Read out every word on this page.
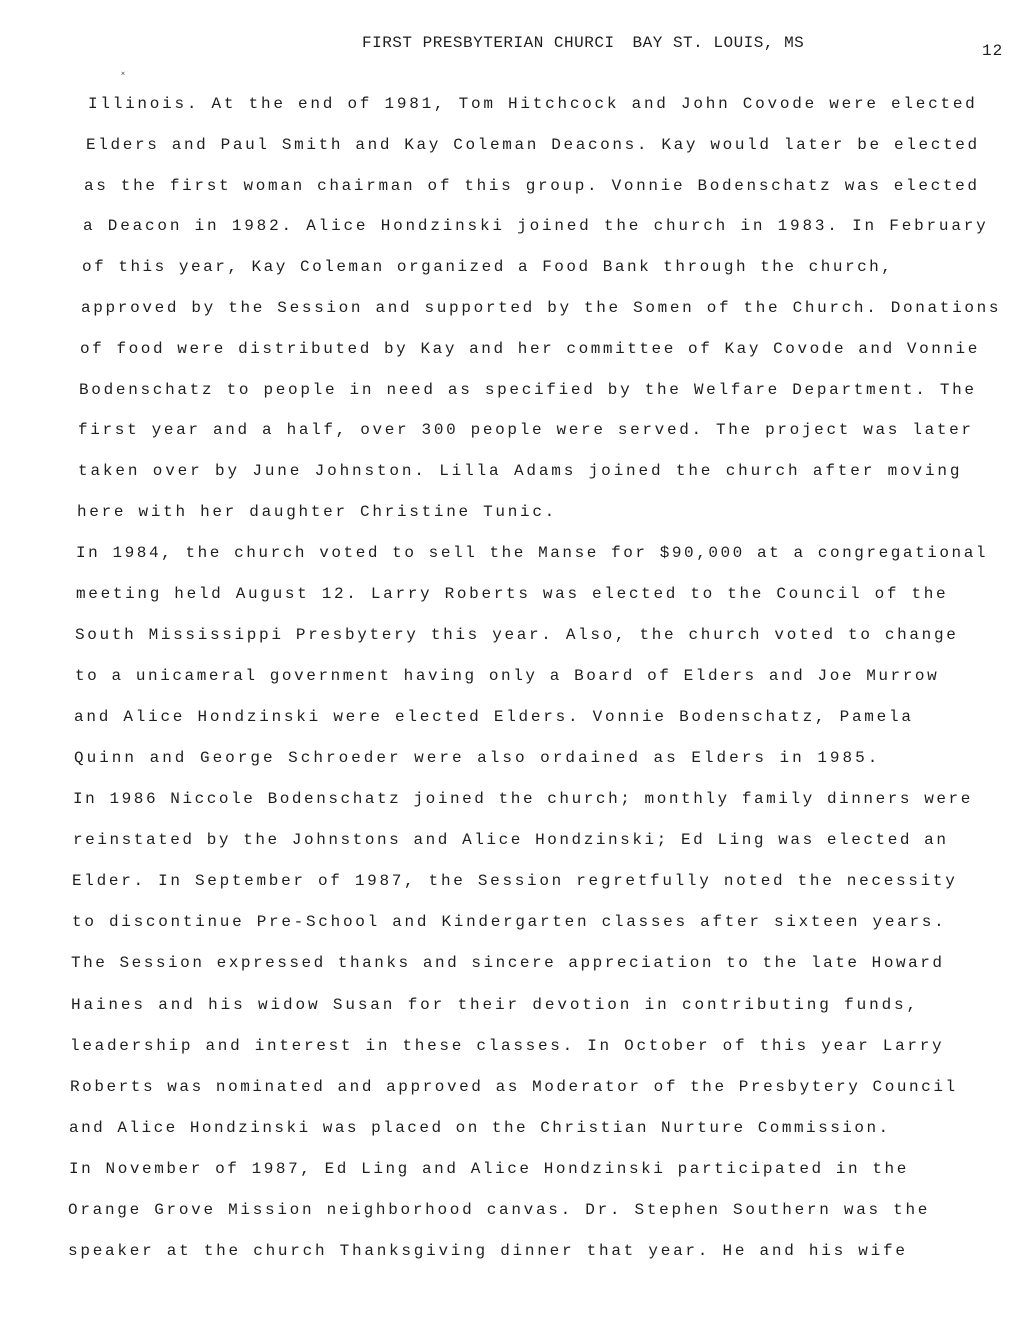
FIRST PRESBYTERIAN CHURCI BAY ST. LOUIS, MS	12
˟
Illinois. At the end of 1981, Tom Hitchcock and John Covode were elected
Elders and Paul Smith and Kay Coleman Deacons. Kay would later be elected
as the first woman chairman of this group. Vonnie Bodenschatz was elected
a Deacon in 1982. Alice Hondzinski joined the church in 1983. In February
of this year, Kay Coleman organized a Food Bank through the church,
approved by the Session and supported by the Somen of the Church. Donations
of food were distributed by Kay and her committee of Kay Covode and Vonnie
Bodenschatz to people in need as specified by the Welfare Department. The
first year and a half, over 300 people were served. The project was later
taken over by June Johnston. Lilla Adams joined the church after moving
here with her daughter Christine Tunic.
In 1984, the church voted to sell the Manse for $90,000 at a congregational
meeting held August 12. Larry Roberts was elected to the Council of the
South Mississippi Presbytery this year. Also, the church voted to change
to a unicameral government having only a Board of Elders and Joe Murrow
and Alice Hondzinski were elected Elders. Vonnie Bodenschatz, Pamela
Quinn and George Schroeder were also ordained as Elders in 1985.
In 1986 Niccole Bodenschatz joined the church; monthly family dinners were
reinstated by the Johnstons and Alice Hondzinski; Ed Ling was elected an
Elder. In September of 1987, the Session regretfully noted the necessity
to discontinue Pre-School and Kindergarten classes after sixteen years.
The Session expressed thanks and sincere appreciation to the late Howard
Haines and his widow Susan for their devotion in contributing funds,
leadership and interest in these classes. In October of this year Larry
Roberts was nominated and approved as Moderator of the Presbytery Council
and Alice Hondzinski was placed on the Christian Nurture Commission.
In November of 1987, Ed Ling and Alice Hondzinski participated in the
Orange Grove Mission neighborhood canvas. Dr. Stephen Southern was the
speaker at the church Thanksgiving dinner that year. He and his wife
